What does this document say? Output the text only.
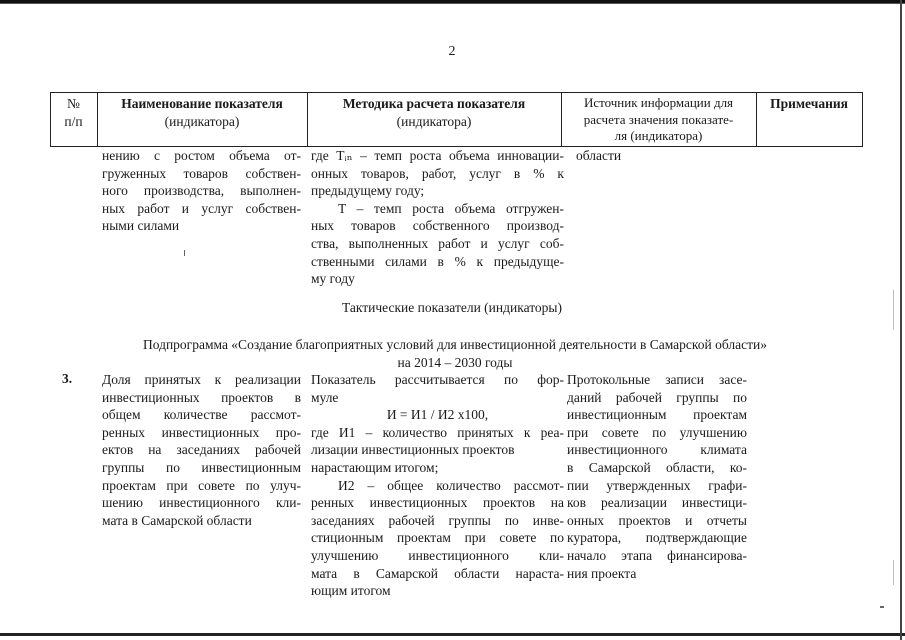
2
№
п/п
Наименование показателя
(индикатора)
Методика расчета показателя
(индикатора)
Источник информации для
расчета значения показате-
ля (индикатора)
Примечания
нению с ростом объема от-
груженных товаров собствен-
ного производства, выполнен-
ных работ и услуг собствен-
ными силами
где Tᵢₙ – темп роста объема инновации-
онных товаров, работ, услуг в % к
предыдущему году;
T – темп роста объема отгружен-
ных товаров собственного производ-
ства, выполненных работ и услуг соб-
ственными силами в % к предыдуще-
му году
области
Тактические показатели (индикаторы)
Подпрограмма «Создание благоприятных условий для инвестиционной деятельности в Самарской области»
на 2014 – 2030 годы
3. Доля принятых к реализации
инвестиционных проектов в
общем количестве рассмот-
ренных инвестиционных про-
ектов на заседаниях рабочей
группы по инвестиционным
проектам при совете по улуч-
шению инвестиционного кли-
мата в Самарской области
Показатель рассчитывается по фор-
муле
И = И1 / И2 х100,
где И1 – количество принятых к реа-
лизации инвестиционных проектов
нарастающим итогом;
И2 – общее количество рассмот-
ренных инвестиционных проектов на
заседаниях рабочей группы по инве-
стиционным проектам при совете по
улучшению инвестиционного кли-
мата в Самарской области нараста-
ющим итогом
Протокольные записи засе-
даний рабочей группы по
инвестиционным проектам
при совете по улучшению
инвестиционного климата
в Самарской области, ко-
пии утвержденных графи-
ков реализации инвестици-
онных проектов и отчеты
куратора, подтверждающие
начало этапа финансирова-
ния проекта
